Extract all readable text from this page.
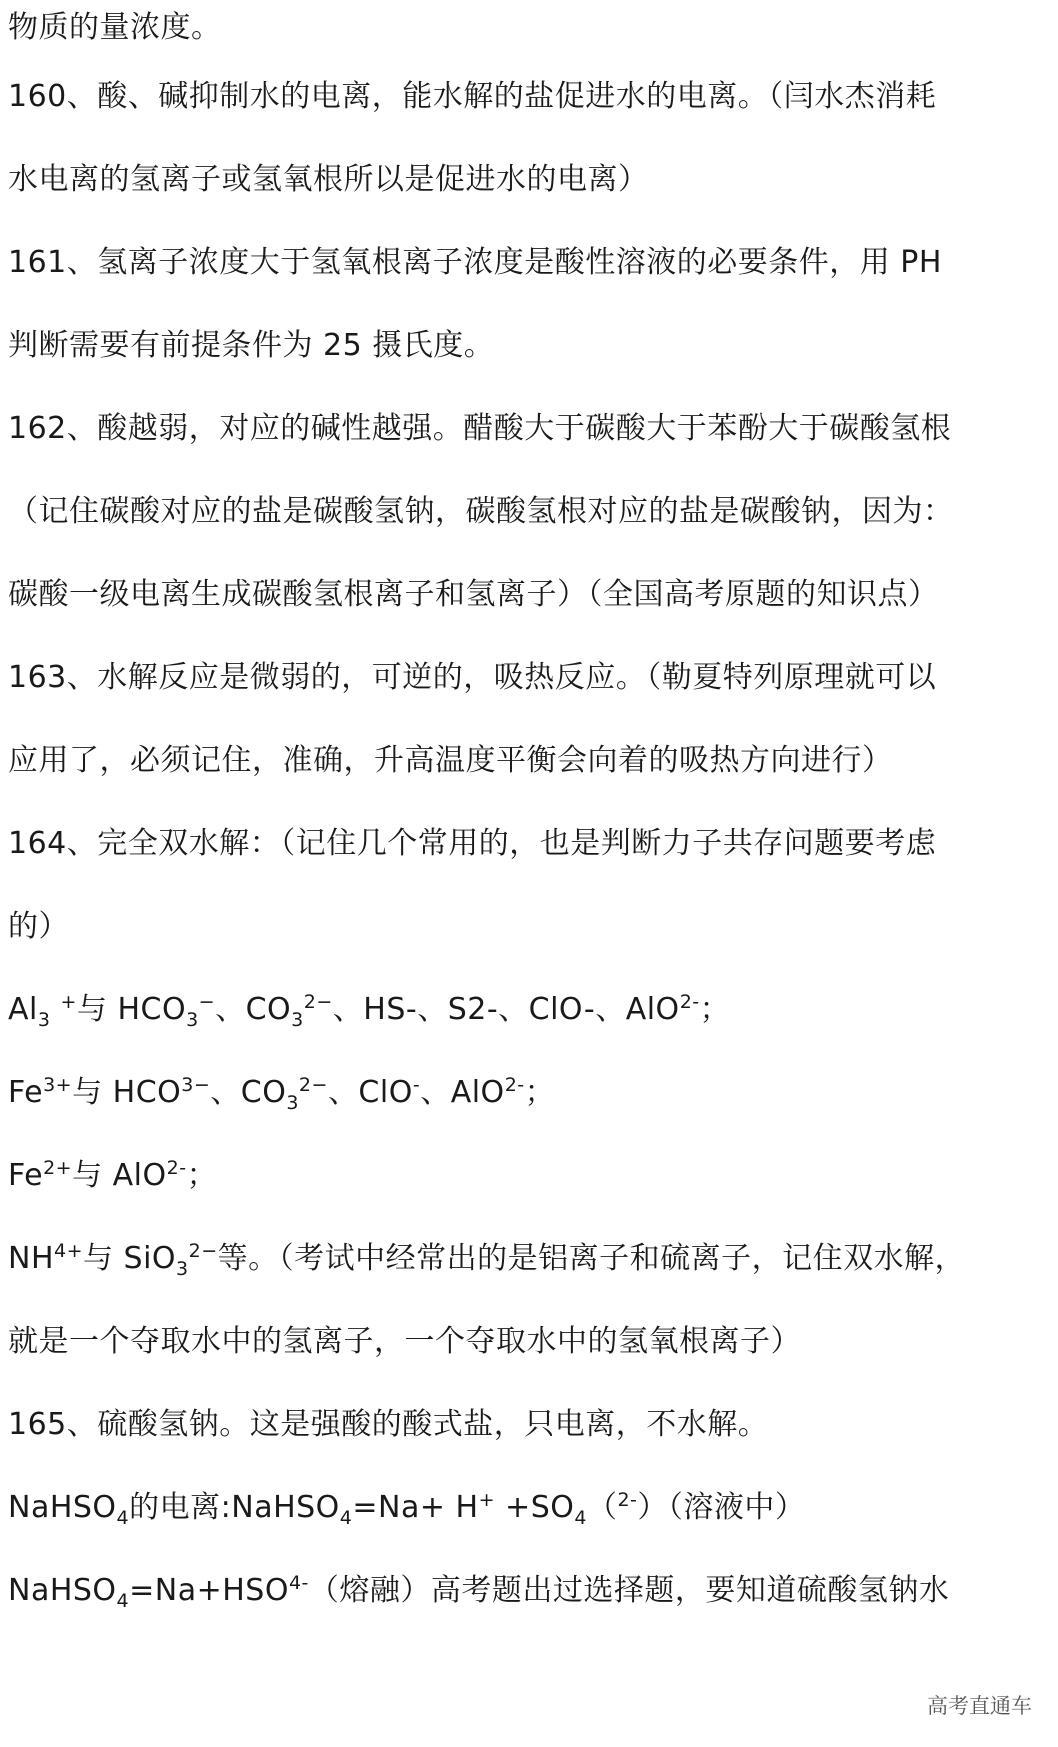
物质的量浓度。
160、酸、碱抑制水的电离，能水解的盐促进水的电离。（闫水杰消耗
水电离的氢离子或氢氧根所以是促进水的电离）
161、氢离子浓度大于氢氧根离子浓度是酸性溶液的必要条件，用 PH
判断需要有前提条件为 25 摄氏度。
162、酸越弱，对应的碱性越强。醋酸大于碳酸大于苯酚大于碳酸氢根
（记住碳酸对应的盐是碳酸氢钠，碳酸氢根对应的盐是碳酸钠，因为：
碳酸一级电离生成碳酸氢根离子和氢离子）（全国高考原题的知识点）
163、水解反应是微弱的，可逆的，吸热反应。（勒夏特列原理就可以
应用了，必须记住，准确，升高温度平衡会向着的吸热方向进行）
164、完全双水解：（记住几个常用的，也是判断力子共存问题要考虑
的）
$Al_3$ +与 $HCO_3^-$、$CO_3^{2-}$、HS-、S2-、ClO-、AlO$^{2-}$；
$Fe^{3+}$与 $HCO^{3-}$、$CO_3^{2-}$、ClO-、AlO$^{2-}$；
$Fe^{2+}$与 AlO$^{2-}$；
$NH^{4+}$与 SiO$_3^{2-}$等。（考试中经常出的是铝离子和硫离子，记住双水解，
就是一个夺取水中的氢离子，一个夺取水中的氢氧根离子）
165、硫酸氢钠。这是强酸的酸式盐，只电离，不水解。
NaHSO$_4$的电离:NaHSO$_4$=Na+ $H^+ +SO_4(^{2-})$（溶液中）
$NaHSO_4=Na+HSO^{4-}$（熔融）高考题出过选择题，要知道硫酸氢钠水
高考直通车
